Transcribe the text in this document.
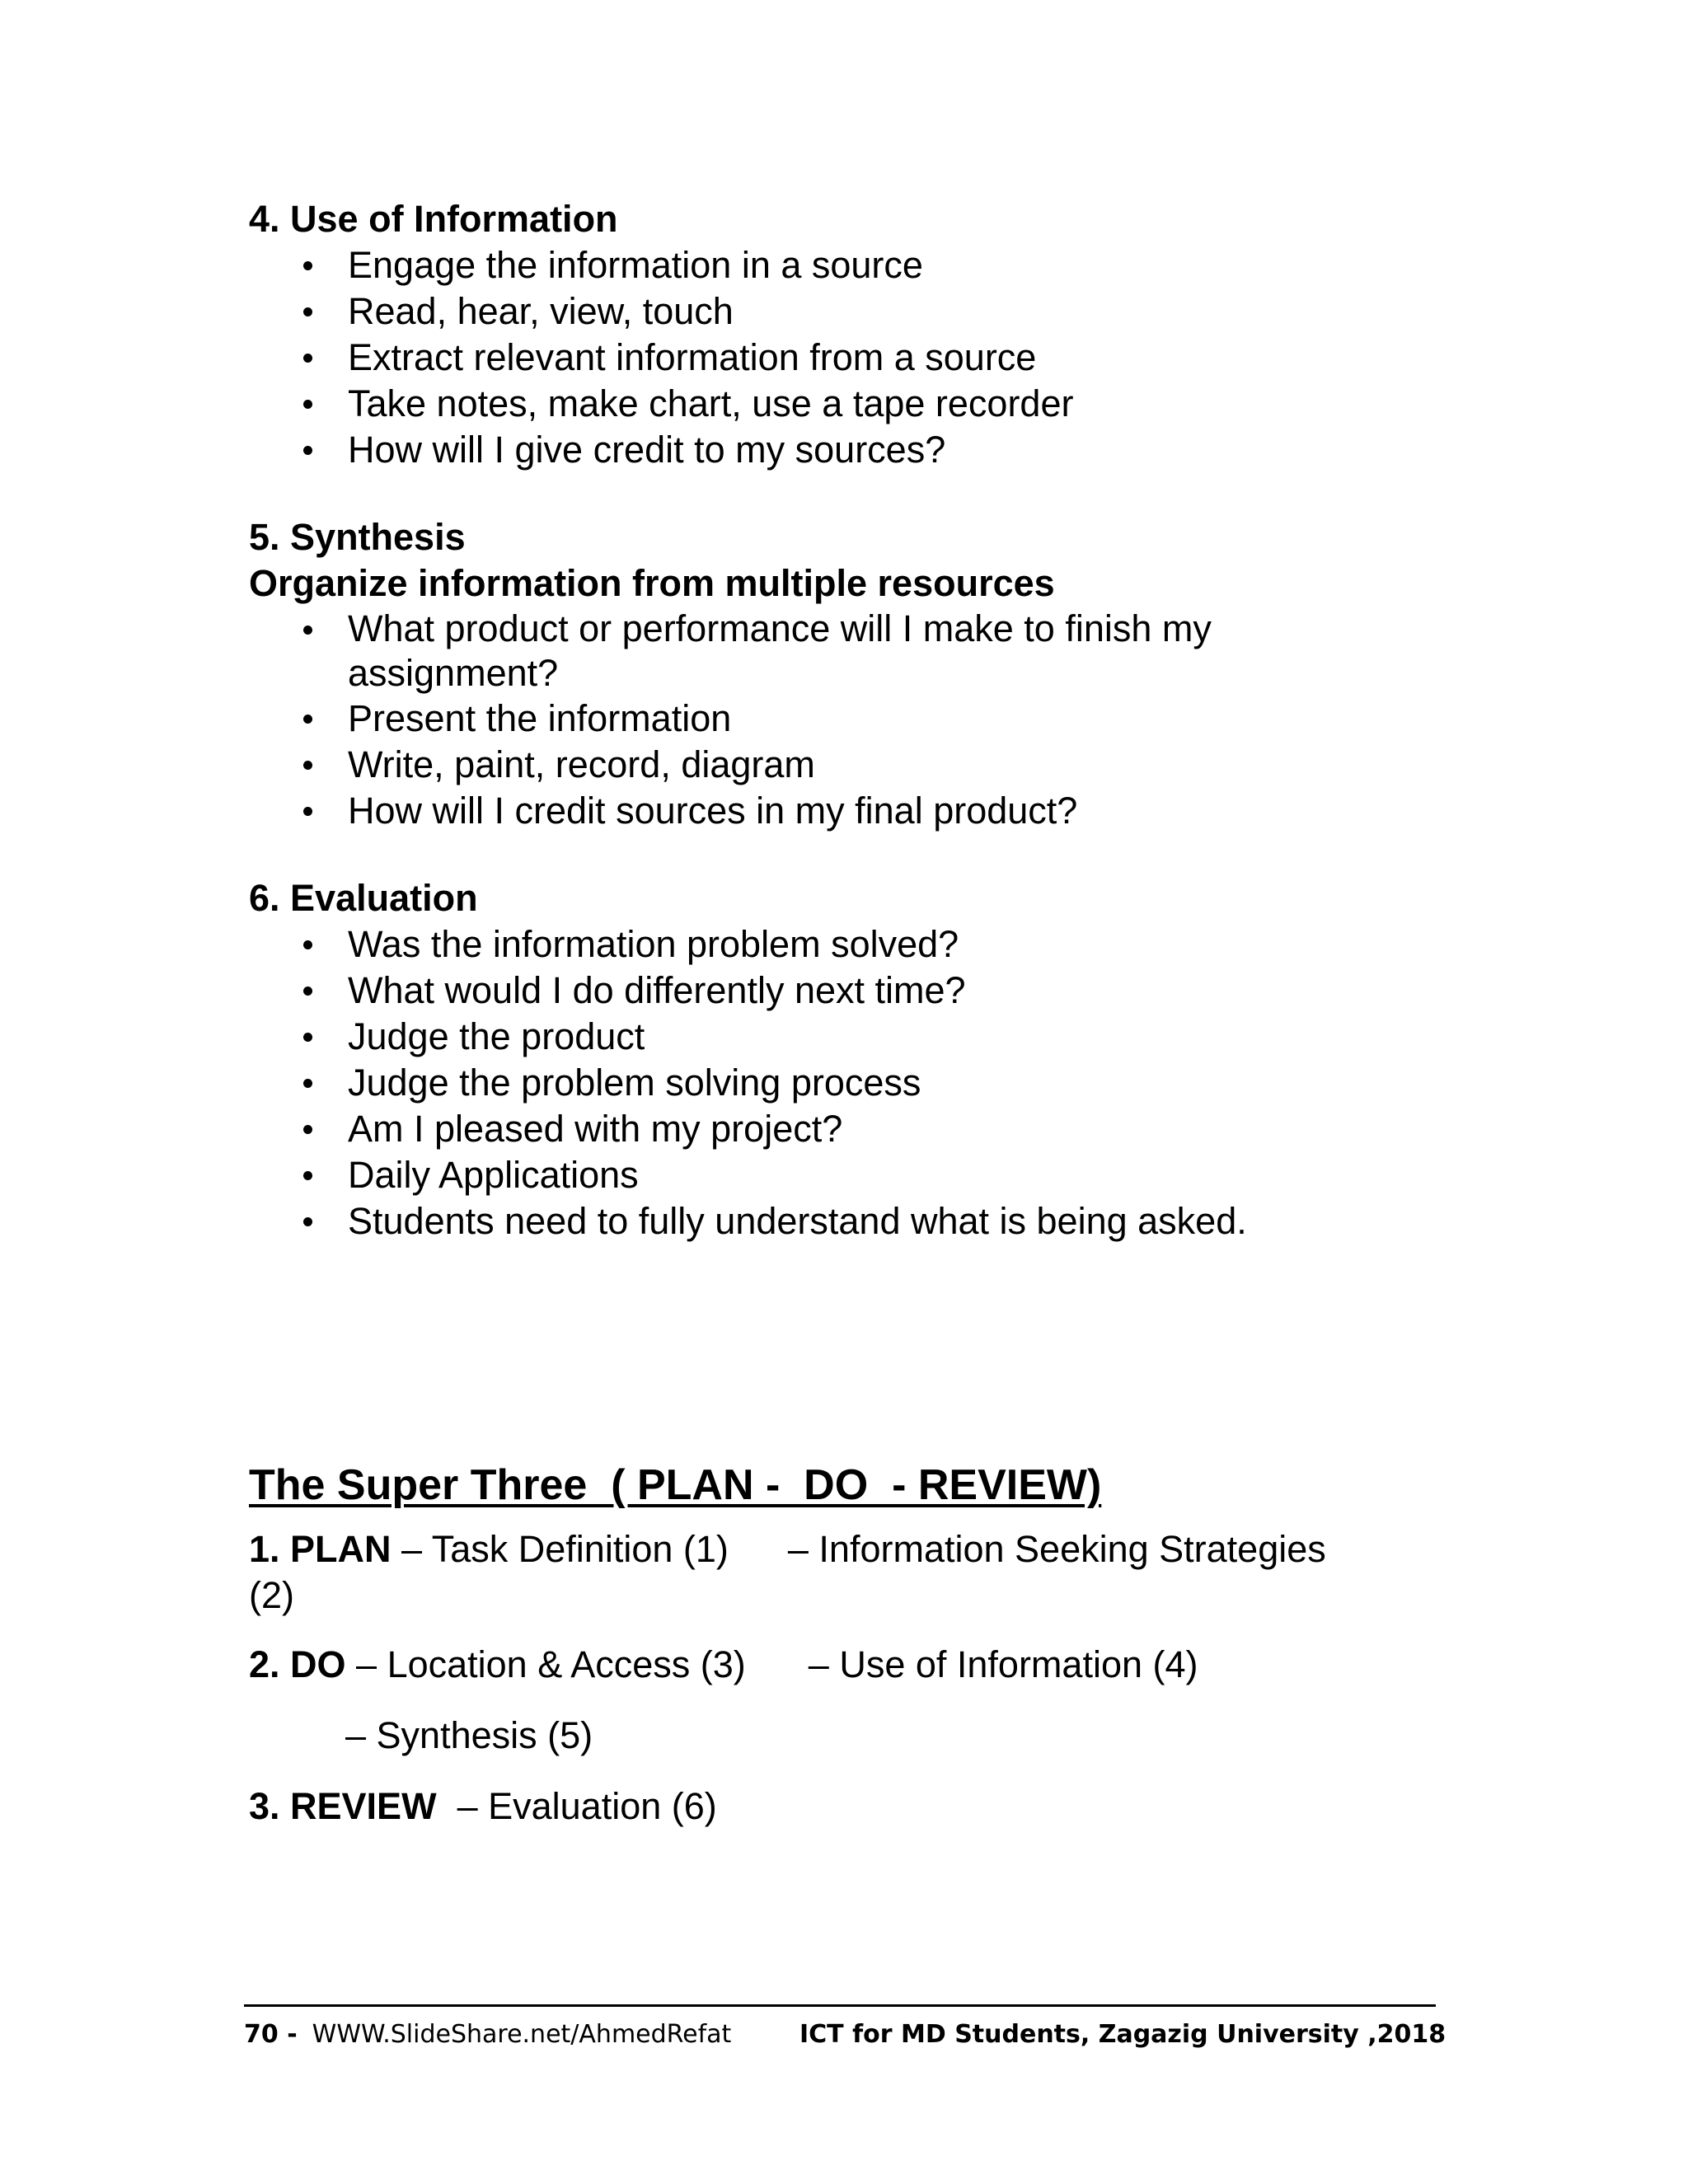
4. Use of Information

Engage the information in a source
Read, hear, view, touch
Extract relevant information from a source
Take notes, make chart, use a tape recorder
How will I give credit to my sources?

5. Synthesis

Organize information from multiple resources

What product or performance will I make to finish my assignment?
Present the information
Write, paint, record, diagram
How will I credit sources in my final product?

6. Evaluation

Was the information problem solved?
What would I do differently next time?
Judge the product
Judge the problem solving process
Am I pleased with my project?
Daily Applications
Students need to fully understand what is being asked.

The Super Three  ( PLAN -  DO  - REVIEW)

1. PLAN – Task Definition (1) – Information Seeking Strategies

(2)

2. DO – Location & Access (3) – Use of Information (4)

– Synthesis (5)

3. REVIEW  – Evaluation (6)

70 - WWW.SlideShare.net/AhmedRefat	ICT for MD Students, Zagazig University ,2018
